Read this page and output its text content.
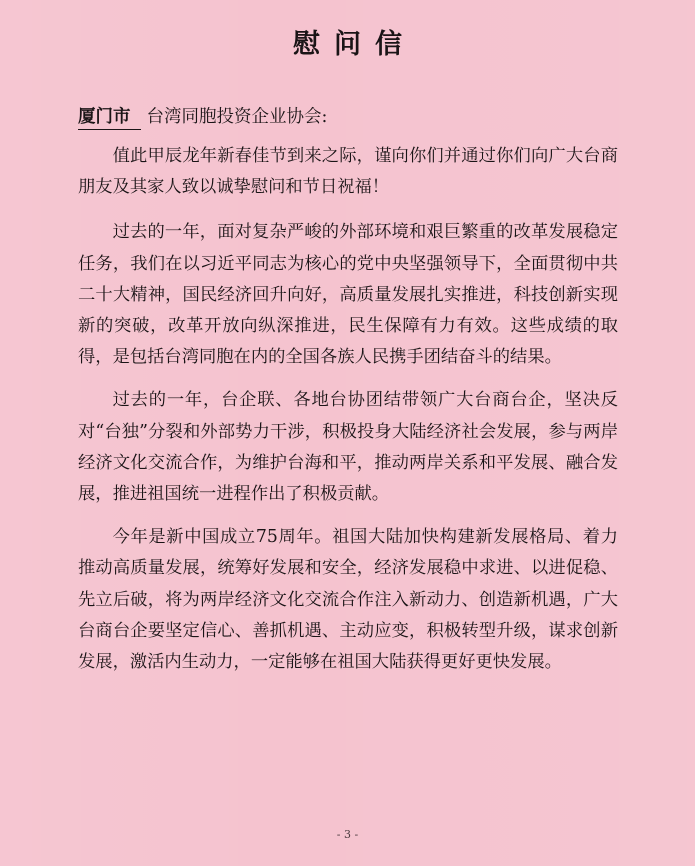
慰问信
厦门市 台湾同胞投资企业协会:

值此甲辰龙年新春佳节到来之际，谨向你们并通过你们向广大台商朋友及其家人致以诚挚慰问和节日祝福！

过去的一年，面对复杂严峻的外部环境和艰巨繁重的改革发展稳定任务，我们在以习近平同志为核心的党中央坚强领导下，全面贯彻中共二十大精神，国民经济回升向好，高质量发展扎实推进，科技创新实现新的突破，改革开放向纵深推进，民生保障有力有效。这些成绩的取得，是包括台湾同胞在内的全国各族人民携手团结奋斗的结果。

过去的一年，台企联、各地台协团结带领广大台商台企，坚决反对“台独”分裂和外部势力干涉，积极投身大陆经济社会发展，参与两岸经济文化交流合作，为维护台海和平，推动两岸关系和平发展、融合发展，推进祖国统一进程作出了积极贡献。

今年是新中国成立75周年。祖国大陆加快构建新发展格局、着力推动高质量发展，统筹好发展和安全，经济发展稳中求进、以进促稳、先立后破，将为两岸经济文化交流合作注入新动力、创造新机遇，广大台商台企要坚定信心、善抓机遇、主动应变，积极转型升级，谋求创新发展，激活内生动力，一定能够在祖国大陆获得更好更快发展。

- 3 -
